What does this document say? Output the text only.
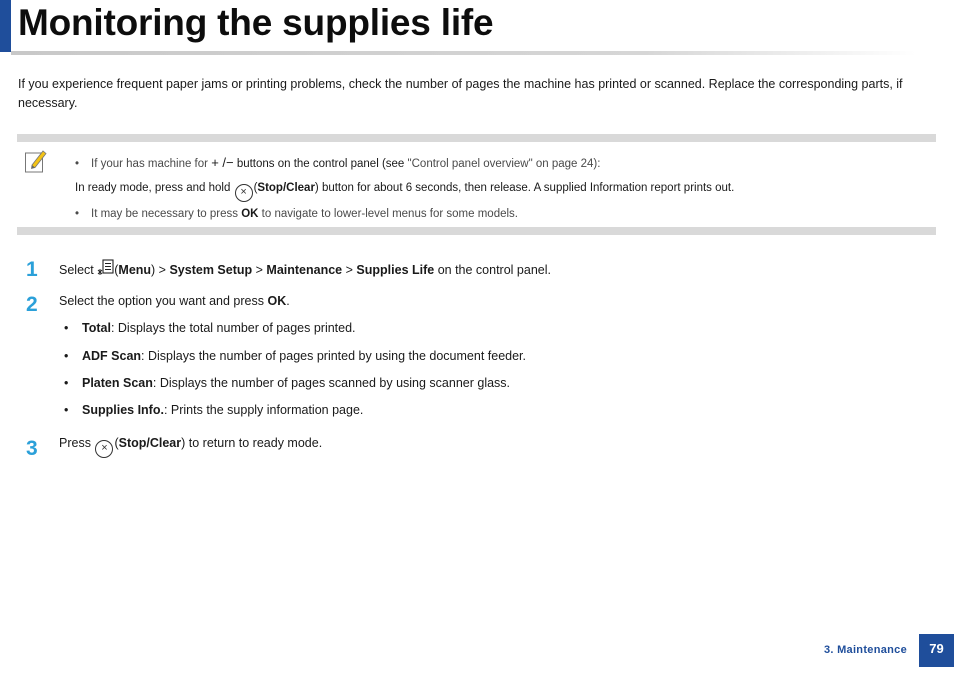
Monitoring the supplies life

If you experience frequent paper jams or printing problems, check the number of pages the machine has printed or scanned. Replace the corresponding parts, if necessary.

• If your has machine for + /− buttons on the control panel (see "Control panel overview" on page 24):
In ready mode, press and hold × (Stop/Clear) button for about 6 seconds, then release. A supplied Information report prints out.
• It may be necessary to press OK to navigate to lower-level menus for some models.
1 Select (Menu) > System Setup > Maintenance > Supplies Life on the control panel.
2 Select the option you want and press OK.
• Total: Displays the total number of pages printed.
• ADF Scan: Displays the number of pages printed by using the document feeder.
• Platen Scan: Displays the number of pages scanned by using scanner glass.
• Supplies Info.: Prints the supply information page.
3 Press × (Stop/Clear) to return to ready mode.
3. Maintenance	79
